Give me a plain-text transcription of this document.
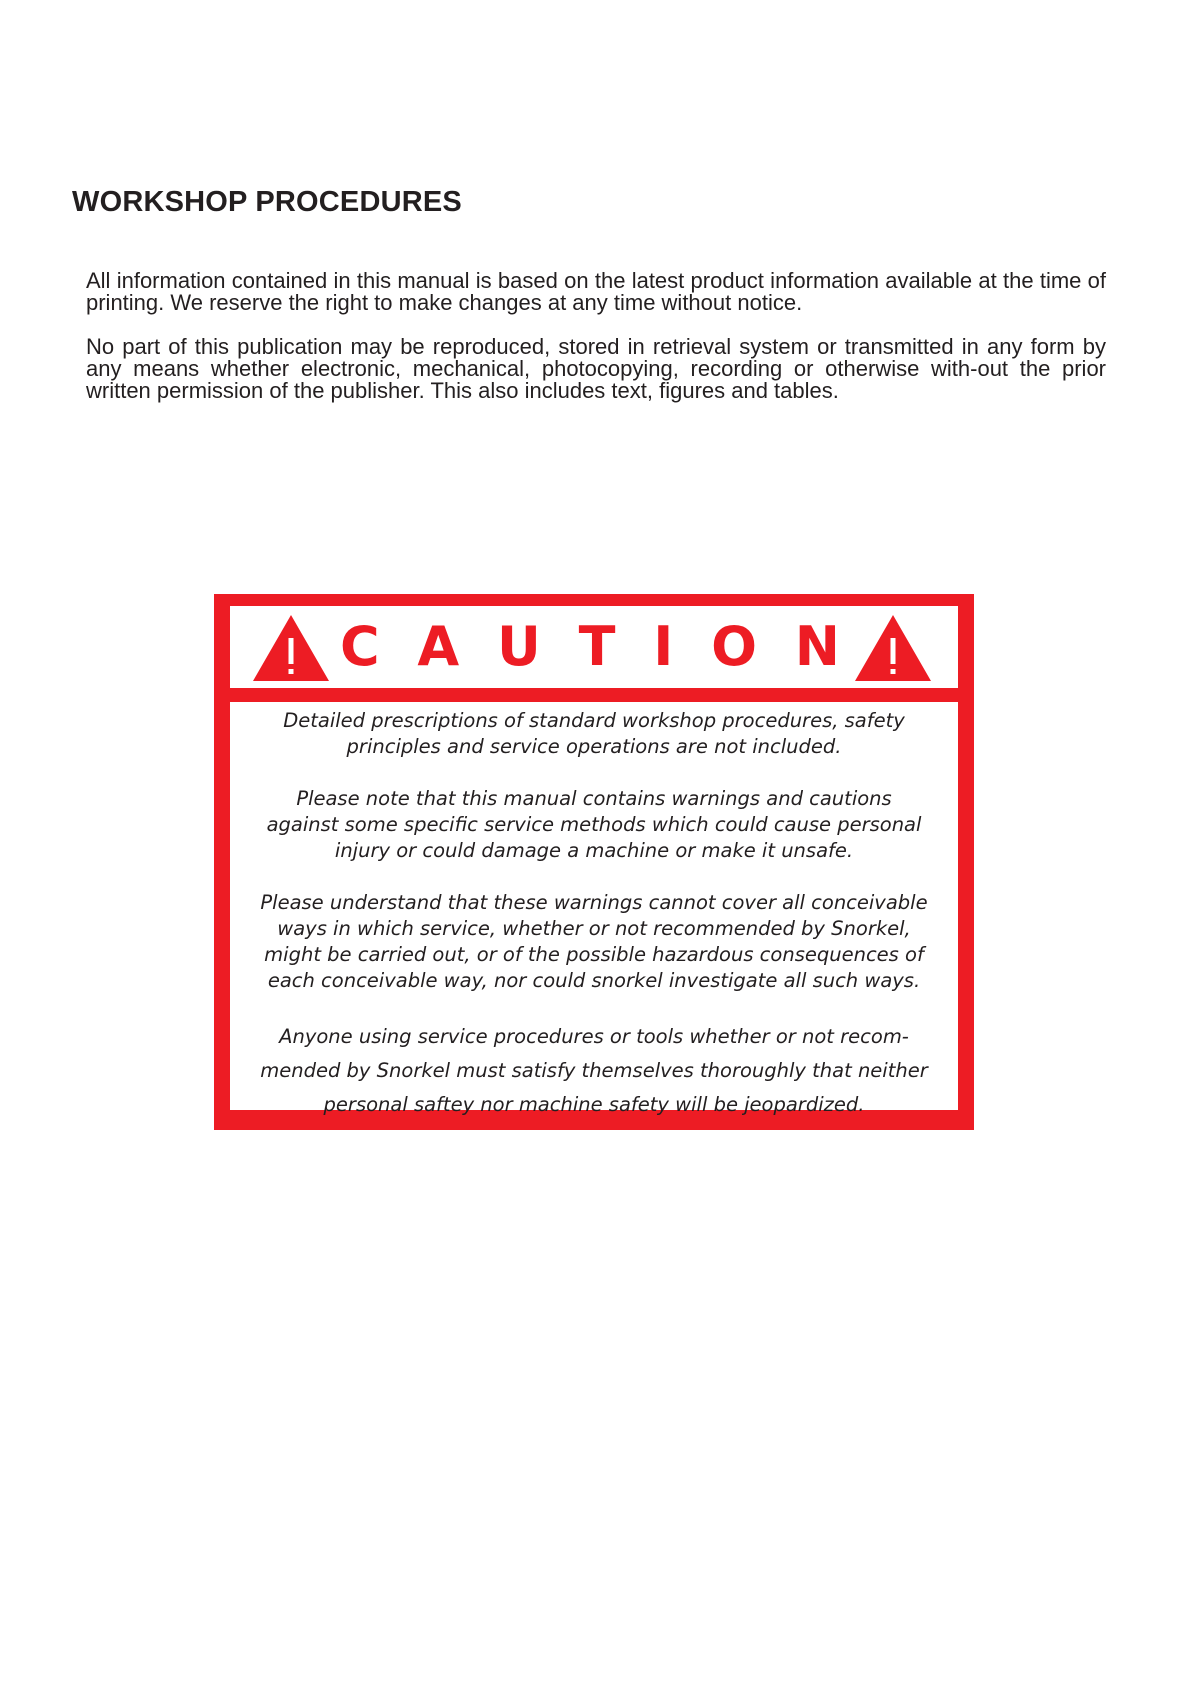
WORKSHOP PROCEDURES

All information contained in this manual is based on the latest product information available at the time of printing. We reserve the right to make changes at any time without notice.

No part of this publication may be reproduced, stored in retrieval system or transmitted in any form by any means whether electronic, mechanical, photocopying, recording or otherwise with-out the prior written permission of the publisher. This also includes text, figures and tables.

C A U T I O N

Detailed prescriptions of standard workshop procedures, safety
principles and service operations are not included.

Please note that this manual contains warnings and cautions
against some specific service methods which could cause personal
injury or could damage a machine or make it unsafe.

Please understand that these warnings cannot cover all conceivable
ways in which service, whether or not recommended by Snorkel,
might be carried out, or of the possible hazardous consequences of
each conceivable way, nor could snorkel investigate all such ways.

Anyone using service procedures or tools whether or not recom-
mended by Snorkel must satisfy themselves thoroughly that neither
personal saftey nor machine safety will be jeopardized.
